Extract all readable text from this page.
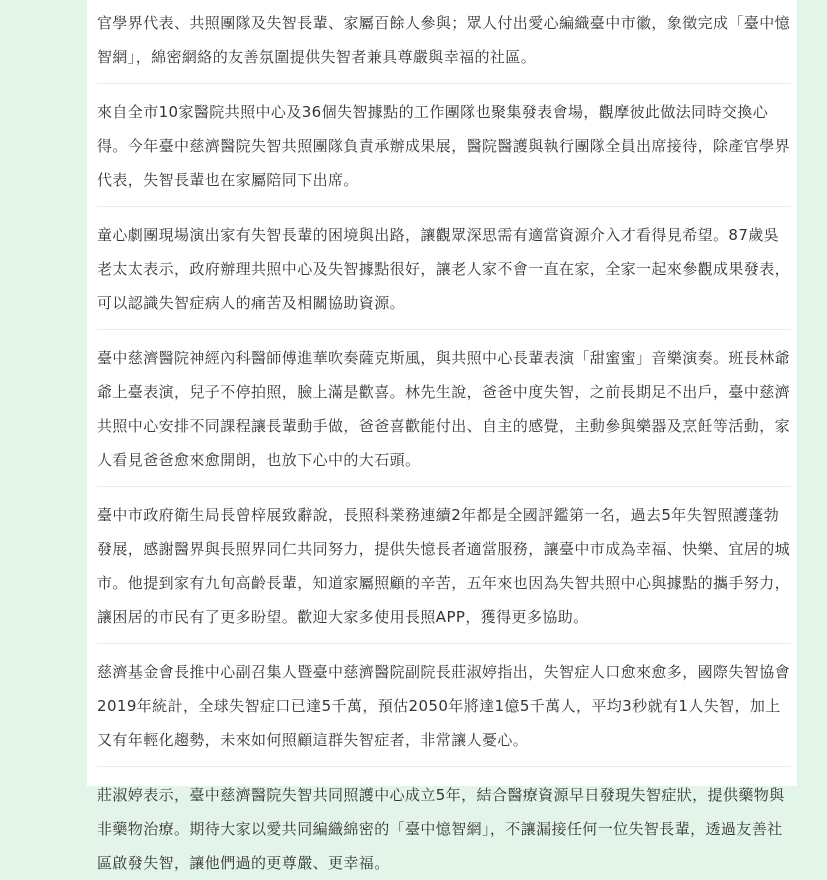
官學界代表、共照團隊及失智長輩、家屬百餘人參與；眾人付出愛心編織臺中市徽，象徵完成「臺中憶智網」，綿密網絡的友善氛圍提供失智者兼具尊嚴與幸福的社區。

來自全市10家醫院共照中心及36個失智據點的工作團隊也聚集發表會場，觀摩彼此做法同時交換心得。今年臺中慈濟醫院失智共照團隊負責承辦成果展，醫院醫護與執行團隊全員出席接待，除產官學界代表，失智長輩也在家屬陪同下出席。

童心劇團現場演出家有失智長輩的困境與出路，讓觀眾深思需有適當資源介入才看得見希望。87歲吳老太太表示，政府辦理共照中心及失智據點很好，讓老人家不會一直在家，全家一起來參觀成果發表，可以認識失智症病人的痛苦及相關協助資源。

臺中慈濟醫院神經內科醫師傅進華吹奏薩克斯風，與共照中心長輩表演「甜蜜蜜」音樂演奏。班長林爺爺上臺表演，兒子不停拍照，臉上滿是歡喜。林先生說，爸爸中度失智，之前長期足不出戶，臺中慈濟共照中心安排不同課程讓長輩動手做，爸爸喜歡能付出、自主的感覺，主動參與樂器及烹飪等活動，家人看見爸爸愈來愈開朗，也放下心中的大石頭。

臺中市政府衛生局長曾梓展致辭說，長照科業務連續2年都是全國評鑑第一名，過去5年失智照護蓬勃發展，感謝醫界與長照界同仁共同努力，提供失憶長者適當服務，讓臺中市成為幸福、快樂、宜居的城市。他提到家有九旬高齡長輩，知道家屬照顧的辛苦，五年來也因為失智共照中心與據點的攜手努力，讓困居的市民有了更多盼望。歡迎大家多使用長照APP，獲得更多協助。

慈濟基金會長推中心副召集人暨臺中慈濟醫院副院長莊淑婷指出，失智症人口愈來愈多，國際失智協會2019年統計，全球失智症口已達5千萬，預估2050年將達1億5千萬人，平均3秒就有1人失智，加上又有年輕化趨勢，未來如何照顧這群失智症者，非常讓人憂心。

莊淑婷表示，臺中慈濟醫院失智共同照護中心成立5年，結合醫療資源早日發現失智症狀，提供藥物與非藥物治療。期待大家以愛共同編織綿密的「臺中憶智網」，不讓漏接任何一位失智長輩，透過友善社區啟發失智，讓他們過的更尊嚴、更幸福。
